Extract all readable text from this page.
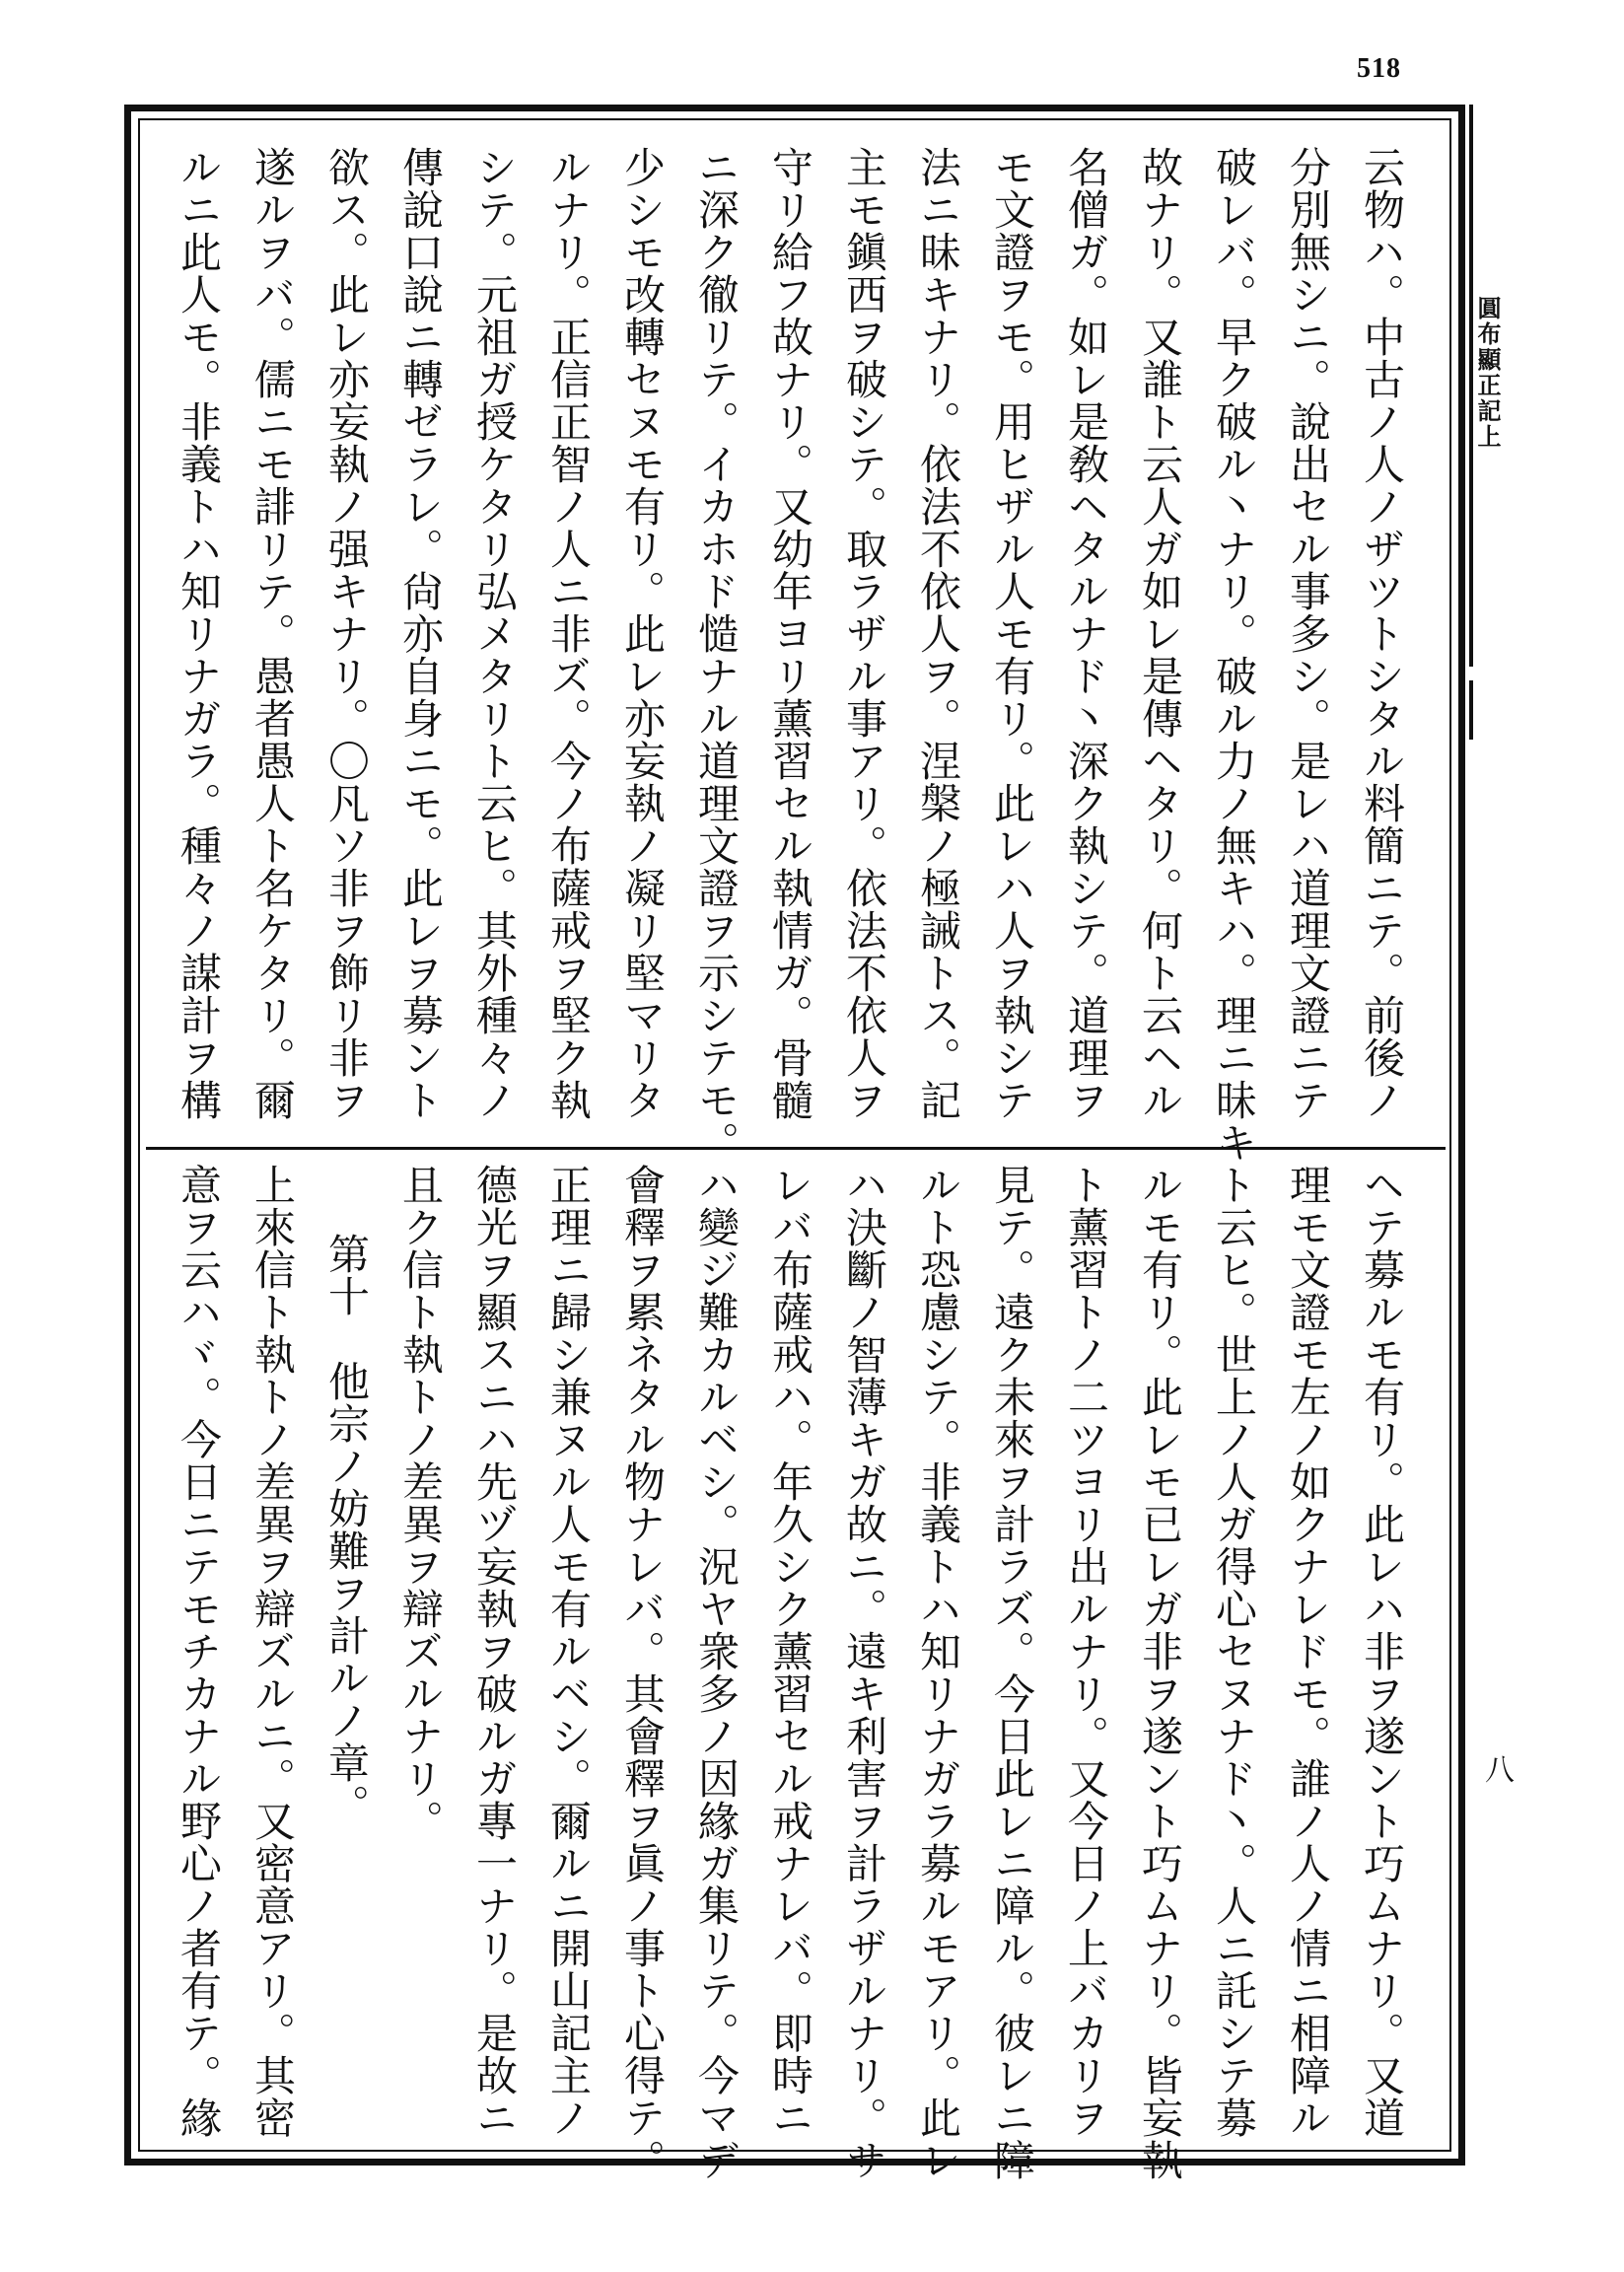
518
圓布顯正記上
八
云物ハ。中古ノ人ノザツトシタル料簡ニテ。前後ノ
分別無シニ。說出セル事多シ。是レハ道理文證ニテ
破レバ。早ク破ル丶ナリ。破ル力ノ無キハ。理ニ昧キ
故ナリ。又誰ト云人ガ如レ是傳ヘタリ。何ト云ヘル
名僧ガ。如レ是敎ヘタルナド丶深ク執シテ。道理ヲ
モ文證ヲモ。用ヒザル人モ有リ。此レハ人ヲ執シテ
法ニ昧キナリ。依法不依人ヲ。涅槃ノ極誡トス。記
主モ鎭西ヲ破シテ。取ラザル事アリ。依法不依人ヲ
守リ給フ故ナリ。又幼年ヨリ薰習セル執情ガ。骨髓
ニ深ク徹リテ。イカホド慥ナル道理文證ヲ示シテモ。
少シモ改轉セヌモ有リ。此レ亦妄執ノ凝リ堅マリタ
ルナリ。正信正智ノ人ニ非ズ。今ノ布薩戒ヲ堅ク執
シテ。元祖ガ授ケタリ弘メタリト云ヒ。其外種々ノ
傳說口說ニ轉ゼラレ。尙亦自身ニモ。此レヲ募ント
欲ス。此レ亦妄執ノ强キナリ。〇凡ソ非ヲ飾リ非ヲ
遂ルヲバ。儒ニモ誹リテ。愚者愚人ト名ケタリ。爾
ルニ此人モ。非義トハ知リナガラ。種々ノ謀計ヲ構
ヘテ募ルモ有リ。此レハ非ヲ遂ント巧ムナリ。又道
理モ文證モ左ノ如クナレドモ。誰ノ人ノ情ニ相障ル
ト云ヒ。世上ノ人ガ得心セヌナド丶。人ニ託シテ募
ルモ有リ。此レモ已レガ非ヲ遂ント巧ムナリ。皆妄執
ト薰習トノ二ツヨリ出ルナリ。又今日ノ上バカリヲ
見テ。遠ク未來ヲ計ラズ。今日此レニ障ル。彼レニ障
ルト恐慮シテ。非義トハ知リナガラ募ルモアリ。此レ
ハ決斷ノ智薄キガ故ニ。遠キ利害ヲ計ラザルナリ。サ
レバ布薩戒ハ。年久シク薰習セル戒ナレバ。即時ニ
ハ變ジ難カルベシ。況ヤ衆多ノ因緣ガ集リテ。今マデ
會釋ヲ累ネタル物ナレバ。其會釋ヲ眞ノ事ト心得テ。
正理ニ歸シ兼ヌル人モ有ルベシ。爾ルニ開山記主ノ
德光ヲ顯スニハ先ヅ妄執ヲ破ルガ專一ナリ。是故ニ
且ク信ト執トノ差異ヲ辯ズルナリ。
第十　他宗ノ妨難ヲ計ルノ章。
上來信ト執トノ差異ヲ辯ズルニ。又密意アリ。其密
意ヲ云ハヾ。今日ニテモチカナル野心ノ者有テ。緣
